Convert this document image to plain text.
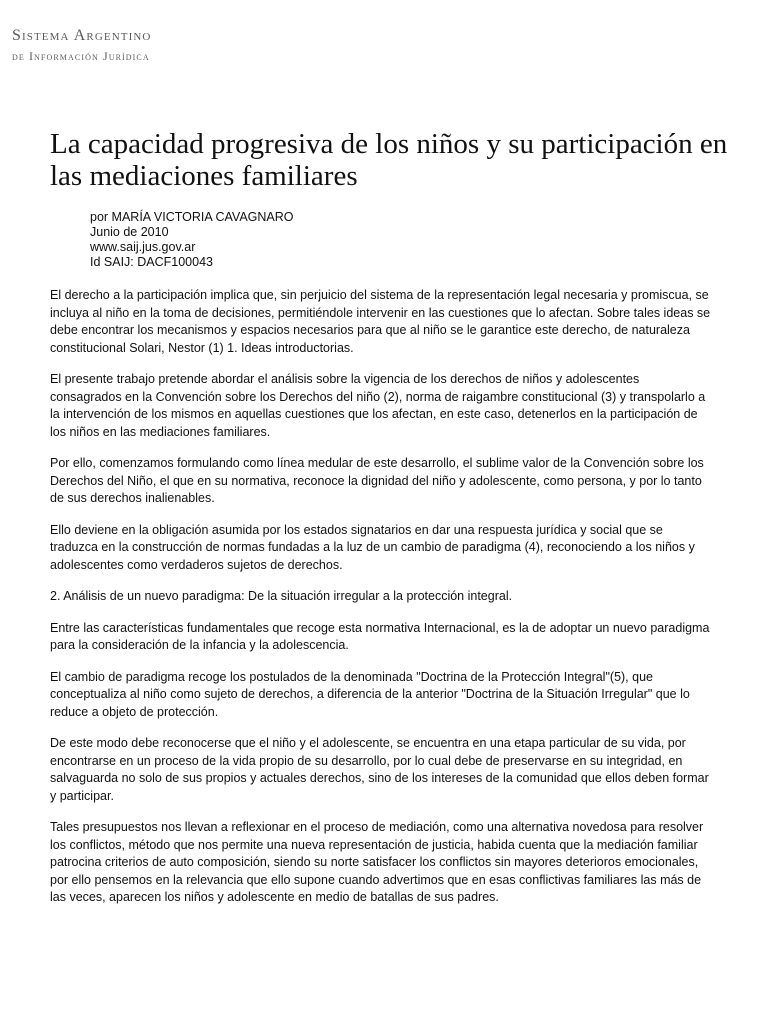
Sistema Argentino
de Información Jurídica
La capacidad progresiva de los niños y su participación en las mediaciones familiares
por MARÍA VICTORIA CAVAGNARO
Junio de 2010
www.saij.jus.gov.ar
Id SAIJ: DACF100043

El derecho a la participación implica que, sin perjuicio del sistema de la representación legal necesaria y promiscua, se incluya al niño en la toma de decisiones, permitiéndole intervenir en las cuestiones que lo afectan. Sobre tales ideas se debe encontrar los mecanismos y espacios necesarios para que al niño se le garantice este derecho, de naturaleza constitucional Solari, Nestor (1) 1. Ideas introductorias.

El presente trabajo pretende abordar el análisis sobre la vigencia de los derechos de niños y adolescentes consagrados en la Convención sobre los Derechos del niño (2), norma de raigambre constitucional (3) y transpolarlo a la intervención de los mismos en aquellas cuestiones que los afectan, en este caso, detenerlos en la participación de los niños en las mediaciones familiares.

Por ello, comenzamos formulando como línea medular de este desarrollo, el sublime valor de la Convención sobre los Derechos del Niño, el que en su normativa, reconoce la dignidad del niño y adolescente, como persona, y por lo tanto de sus derechos inalienables.

Ello deviene en la obligación asumida por los estados signatarios en dar una respuesta jurídica y social que se traduzca en la construcción de normas fundadas a la luz de un cambio de paradigma (4), reconociendo a los niños y adolescentes como verdaderos sujetos de derechos.

2. Análisis de un nuevo paradigma: De la situación irregular a la protección integral.

Entre las características fundamentales que recoge esta normativa Internacional, es la de adoptar un nuevo paradigma para la consideración de la infancia y la adolescencia.

El cambio de paradigma recoge los postulados de la denominada "Doctrina de la Protección Integral"(5), que conceptualiza al niño como sujeto de derechos, a diferencia de la anterior "Doctrina de la Situación Irregular" que lo reduce a objeto de protección.

De este modo debe reconocerse que el niño y el adolescente, se encuentra en una etapa particular de su vida, por encontrarse en un proceso de la vida propio de su desarrollo, por lo cual debe de preservarse en su integridad, en salvaguarda no solo de sus propios y actuales derechos, sino de los intereses de la comunidad que ellos deben formar y participar.

Tales presupuestos nos llevan a reflexionar en el proceso de mediación, como una alternativa novedosa para resolver los conflictos, método que nos permite una nueva representación de justicia, habida cuenta que la mediación familiar patrocina criterios de auto composición, siendo su norte satisfacer los conflictos sin mayores deterioros emocionales, por ello pensemos en la relevancia que ello supone cuando advertimos que en esas conflictivas familiares las más de las veces, aparecen los niños y adolescente en medio de batallas de sus padres.
